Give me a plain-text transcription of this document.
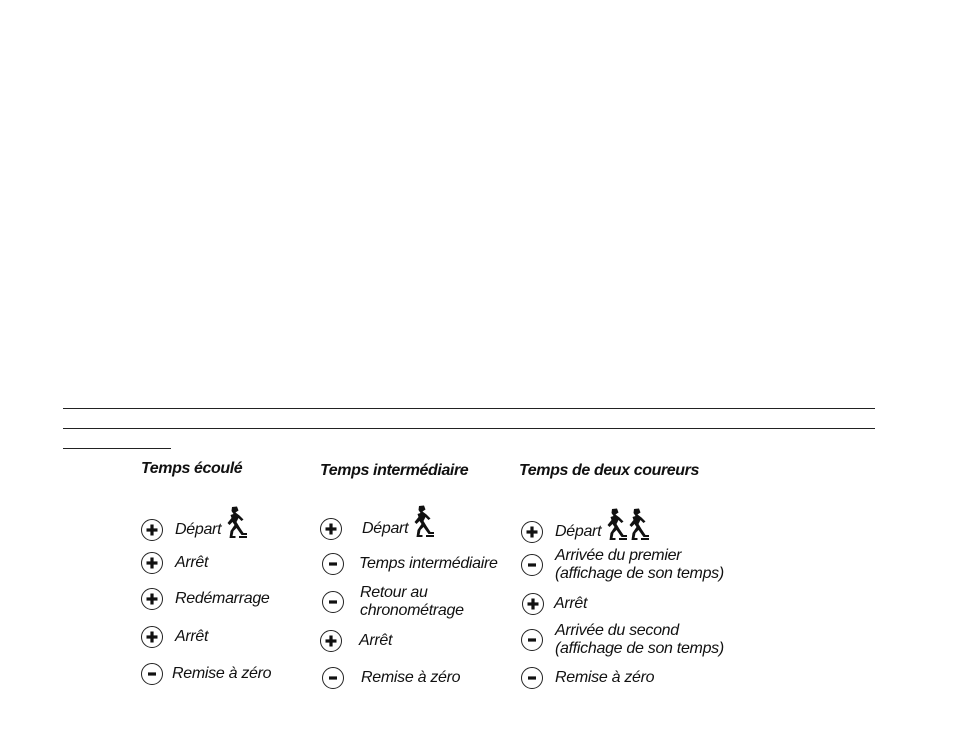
Temps écoulé
Départ
Arrêt
Redémarrage
Arrêt
Remise à zéro
Temps intermédiaire
Départ
Temps intermédiaire
Retour au
chronométrage
Arrêt
Remise à zéro
Temps de deux coureurs
Départ
Arrivée du premier
(affichage de son temps)
Arrêt
Arrivée du second
(affichage de son temps)
Remise à zéro
